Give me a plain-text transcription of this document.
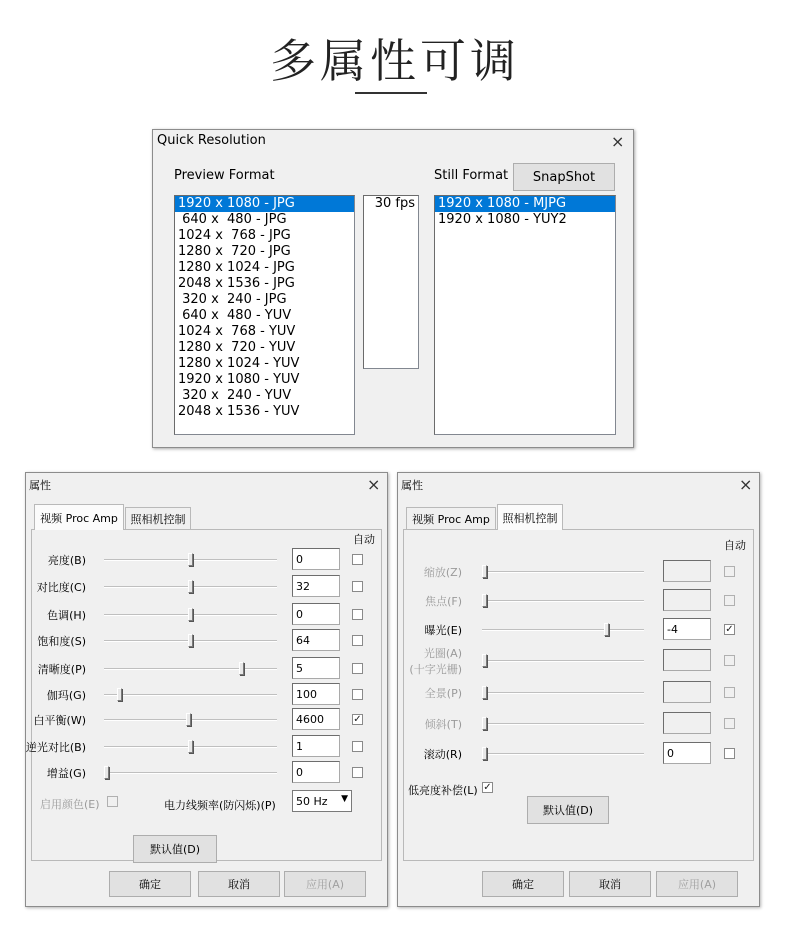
多属性可调
Quick Resolution	×
Preview Format	Still Format	SnapShot
1920 x 1080 - JPG
640 x  480 - JPG
1024 x  768 - JPG
1280 x  720 - JPG
1280 x 1024 - JPG
2048 x 1536 - JPG
320 x  240 - JPG
640 x  480 - YUV
1024 x  768 - YUV
1280 x  720 - YUV
1280 x 1024 - YUV
1920 x 1080 - YUV
320 x  240 - YUV
2048 x 1536 - YUV
30 fps 1920 x 1080 - MJPG
1920 x 1080 - YUY2
属性	×
视频 Proc Amp	照相机控制
自动
启用颜色(E)	电力线频率(防闪烁)(P)	50 Hz ▼
默认值(D)
确定	取消	应用(A)
亮度(B)	0
对比度(C)	32
色调(H)	0
饱和度(S)	64
清晰度(P)	5
伽玛(G)	100
白平衡(W)	4600	✓
逆光对比(B)	1
增益(G)	0
属性	×
视频 Proc Amp	照相机控制
自动
低亮度补偿(L) ✓
默认值(D)
确定	取消	应用(A)
缩放(Z)
焦点(F)
曝光(E)	-4	✓
光圈(A)
(十字光栅)
全景(P)
倾斜(T)
滚动(R)	0
